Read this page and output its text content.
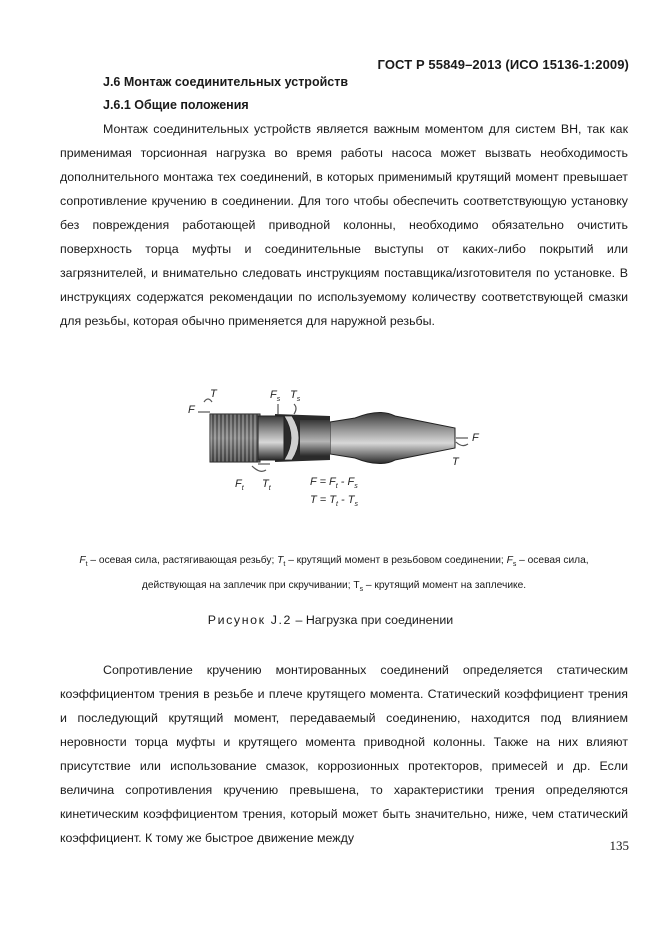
ГОСТ Р 55849–2013 (ИСО 15136-1:2009)
J.6 Монтаж соединительных устройств
J.6.1 Общие положения

Монтаж соединительных устройств является важным моментом для систем ВН, так как применимая торсионная нагрузка во время работы насоса может вызвать необходимость дополнительного монтажа тех соединений, в которых применимый крутящий момент превышает сопротивление кручению в соединении. Для того чтобы обеспечить соответствующую установку без повреждения работающей приводной колонны, необходимо обязательно очистить поверхность торца муфты и соединительные выступы от каких-либо покрытий или загрязнителей, и внимательно следовать инструкциям поставщика/изготовителя по установке. В инструкциях содержатся рекомендации по используемому количеству соответствующей смазки для резьбы, которая обычно применяется для наружной резьбы.

T
F
$F_s$ $T_s$
F
T
$F_t$ $T_t$
$F = F_t - F_s$
$T = T_t - T_s$
$F_t$ – осевая сила, растягивающая резьбу; $T_t$ – крутящий момент в резьбовом соединении; $F_s$ – осевая сила,
действующая на заплечик при скручивании; $T_s$ – крутящий момент на заплечике.
Рисунок J.2 – Нагрузка при соединении

Сопротивление кручению монтированных соединений определяется статическим коэффициентом трения в резьбе и плече крутящего момента. Статический коэффициент трения и последующий крутящий момент, передаваемый соединению, находится под влиянием неровности торца муфты и крутящего момента приводной колонны. Также на них влияют присутствие или использование смазок, коррозионных протекторов, примесей и др. Если величина сопротивления кручению превышена, то характеристики трения определяются кинетическим коэффициентом трения, который может быть значительно, ниже, чем статический коэффициент. К тому же быстрое движение между	135
